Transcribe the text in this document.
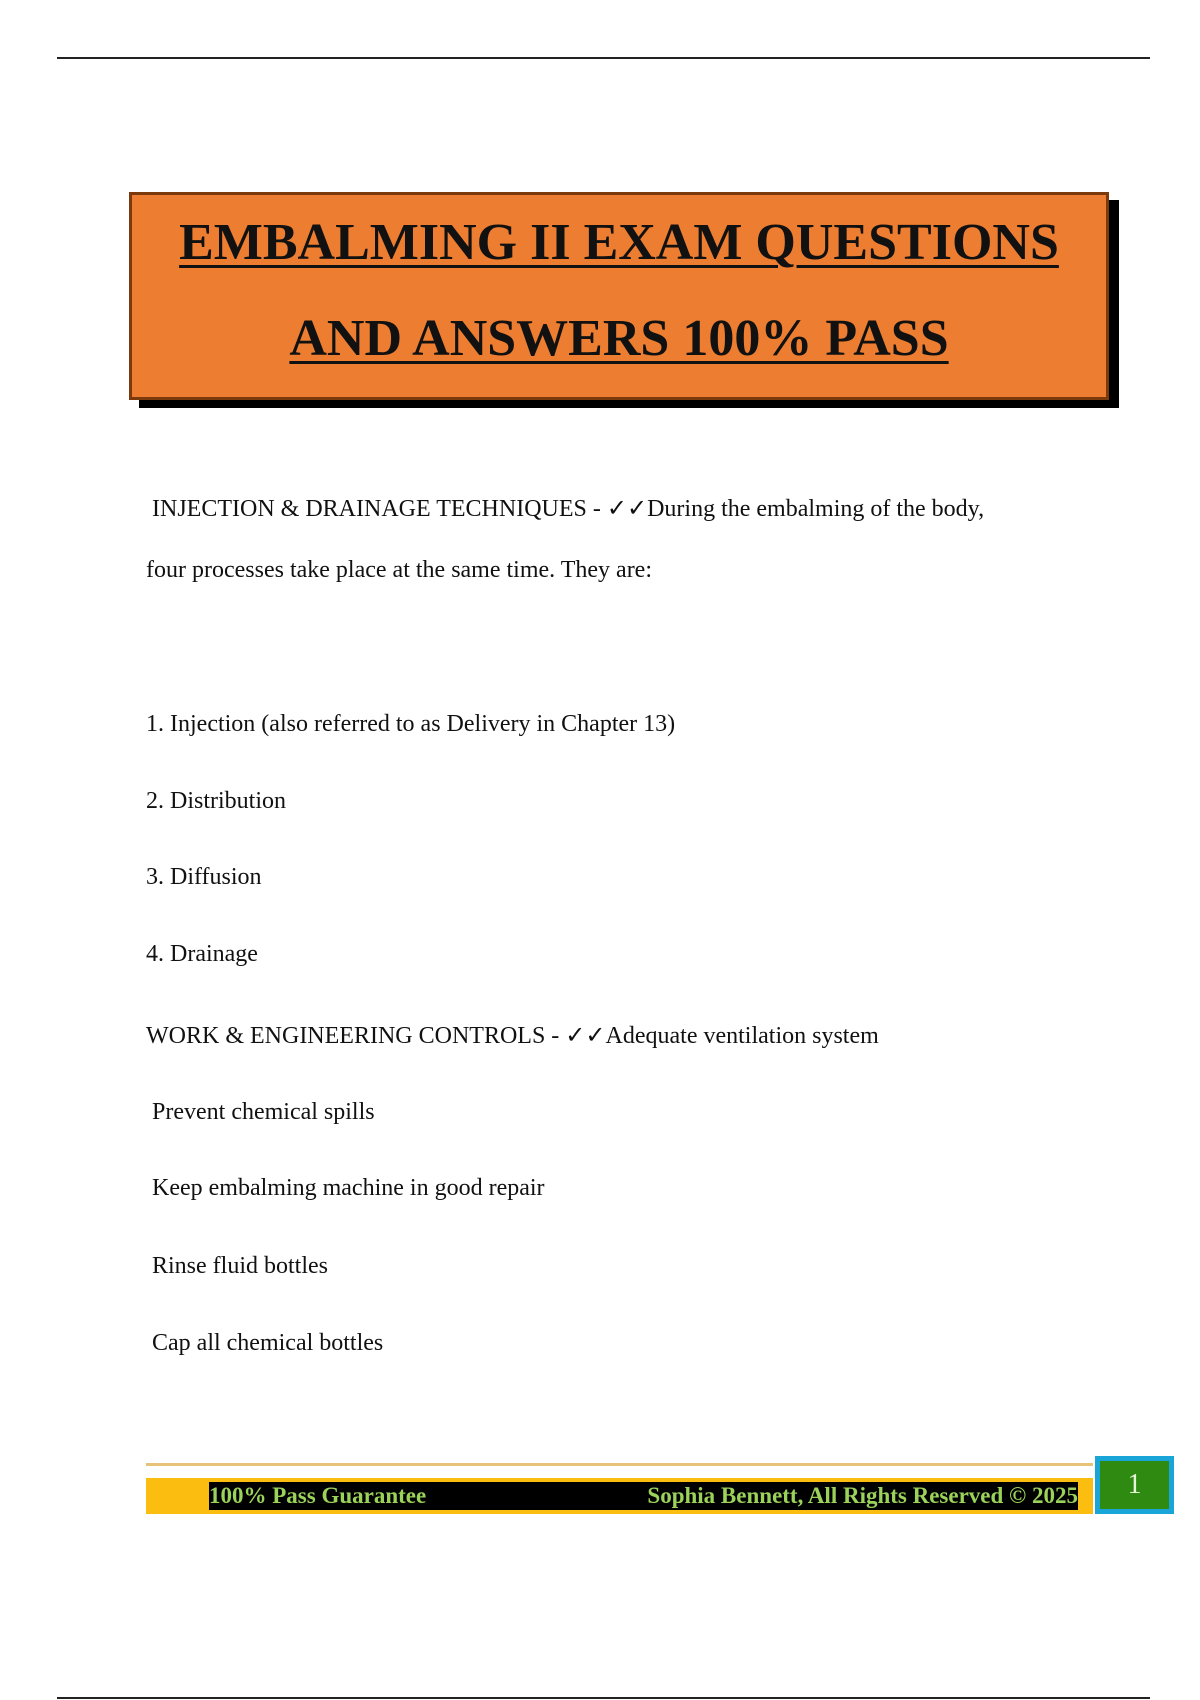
EMBALMING II EXAM QUESTIONS
AND ANSWERS 100% PASS
INJECTION & DRAINAGE TECHNIQUES - ✓✓During the embalming of the body,
four processes take place at the same time. They are:
1. Injection (also referred to as Delivery in Chapter 13)
2. Distribution
3. Diffusion
4. Drainage
WORK & ENGINEERING CONTROLS - ✓✓Adequate ventilation system
Prevent chemical spills
Keep embalming machine in good repair
Rinse fluid bottles
Cap all chemical bottles
100% Pass Guarantee	Sophia Bennett, All Rights Reserved © 2025	1
